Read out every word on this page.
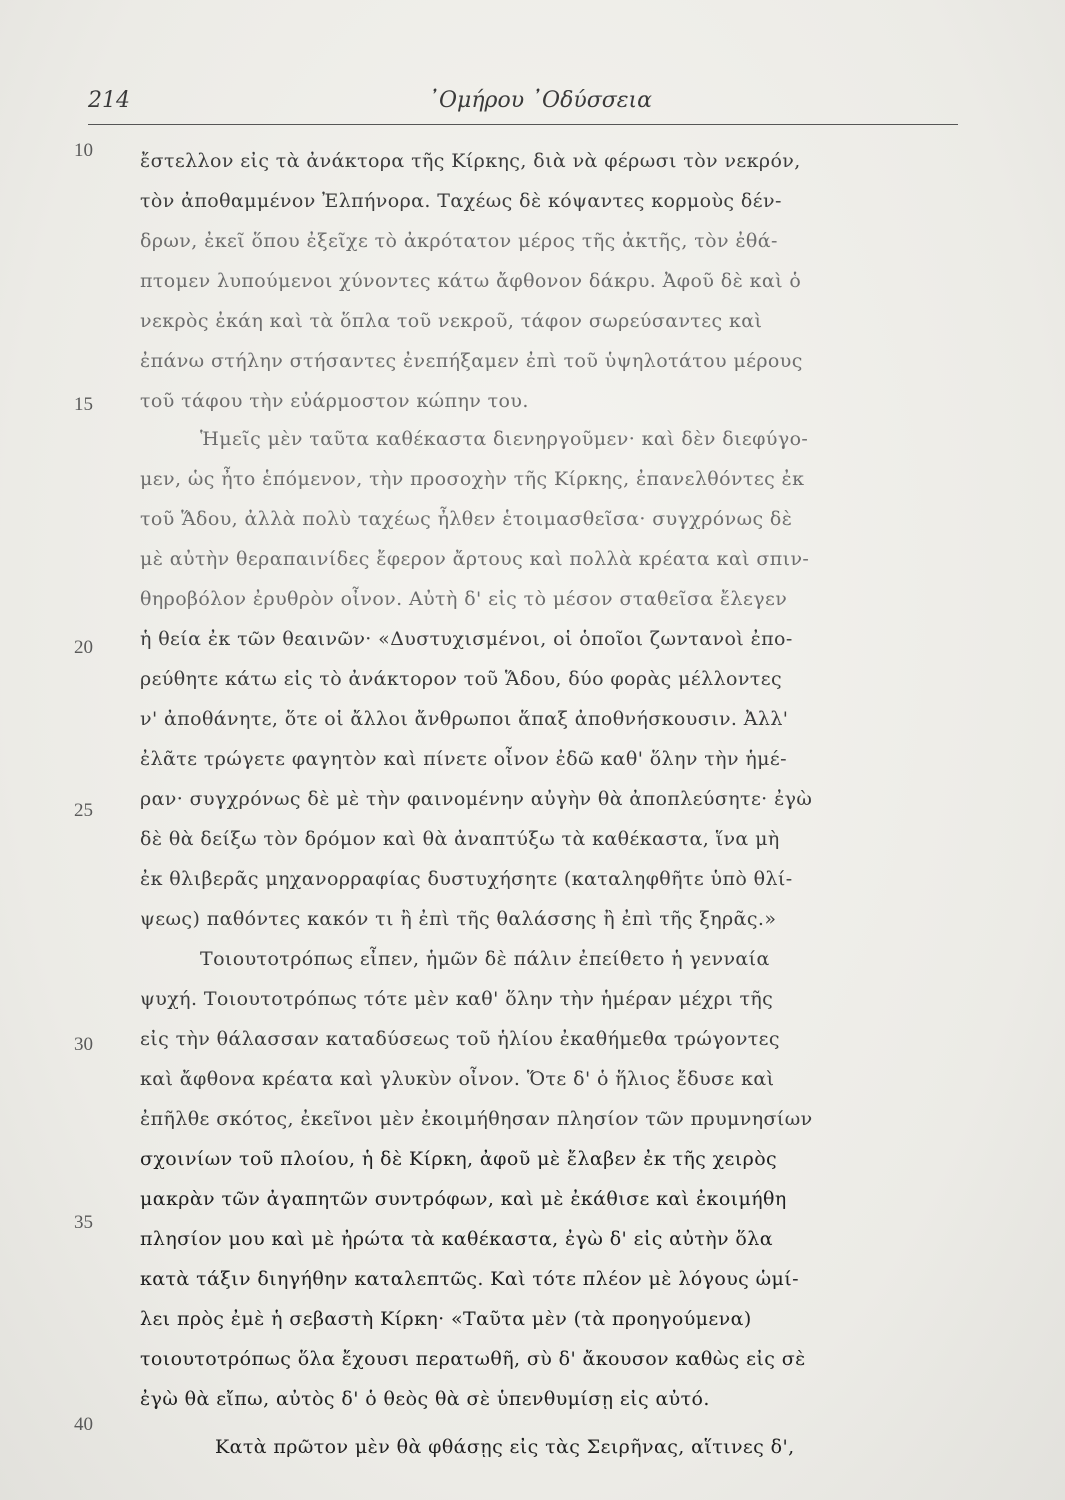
214	᾽Ομήρου ᾽Οδύσσεια
10
15
20
25
30
35
40
ἔστελλον εἰς τὰ ἀνάκτορα τῆς Κίρκης, διὰ νὰ φέρωσι τὸν νεκρόν,
τὸν ἀποθαμμένον Ἐλπήνορα. Ταχέως δὲ κόψαντες κορμοὺς δέν-
δρων, ἐκεῖ ὅπου ἐξεῖχε τὸ ἀκρότατον μέρος τῆς ἀκτῆς, τὸν ἐθά-
πτομεν λυπούμενοι χύνοντες κάτω ἄφθονον δάκρυ. Ἀφοῦ δὲ καὶ ὁ
νεκρὸς ἐκάη καὶ τὰ ὅπλα τοῦ νεκροῦ, τάφον σωρεύσαντες καὶ
ἐπάνω στήλην στήσαντες ἐνεπήξαμεν ἐπὶ τοῦ ὑψηλοτάτου μέρους
τοῦ τάφου τὴν εὐάρμοστον κώπην του.
Ἡμεῖς μὲν ταῦτα καθέκαστα διενηργοῦμεν· καὶ δὲν διεφύγο-
μεν, ὡς ἦτο ἑπόμενον, τὴν προσοχὴν τῆς Κίρκης, ἐπανελθόντες ἐκ
τοῦ Ἅδου, ἀλλὰ πολὺ ταχέως ἦλθεν ἑτοιμασθεῖσα· συγχρόνως δὲ
μὲ αὐτὴν θεραπαινίδες ἔφερον ἄρτους καὶ πολλὰ κρέατα καὶ σπιν-
θηροβόλον ἐρυθρὸν οἶνον. Αὐτὴ δ' εἰς τὸ μέσον σταθεῖσα ἔλεγεν
ἡ θεία ἐκ τῶν θεαινῶν· «Δυστυχισμένοι, οἱ ὁποῖοι ζωντανοὶ ἐπο-
ρεύθητε κάτω εἰς τὸ ἀνάκτορον τοῦ Ἅδου, δύο φορὰς μέλλοντες
ν' ἀποθάνητε, ὅτε οἱ ἄλλοι ἄνθρωποι ἅπαξ ἀποθνήσκουσιν. Ἀλλ'
ἐλᾶτε τρώγετε φαγητὸν καὶ πίνετε οἶνον ἐδῶ καθ' ὅλην τὴν ἡμέ-
ραν· συγχρόνως δὲ μὲ τὴν φαινομένην αὐγὴν θὰ ἀποπλεύσητε· ἐγὼ
δὲ θὰ δείξω τὸν δρόμον καὶ θὰ ἀναπτύξω τὰ καθέκαστα, ἵνα μὴ
ἐκ θλιβερᾶς μηχανορραφίας δυστυχήσητε (καταληφθῆτε ὑπὸ θλί-
ψεως) παθόντες κακόν τι ἢ ἐπὶ τῆς θαλάσσης ἢ ἐπὶ τῆς ξηρᾶς.»
Τοιουτοτρόπως εἶπεν, ἡμῶν δὲ πάλιν ἐπείθετο ἡ γενναία
ψυχή. Τοιουτοτρόπως τότε μὲν καθ' ὅλην τὴν ἡμέραν μέχρι τῆς
εἰς τὴν θάλασσαν καταδύσεως τοῦ ἡλίου ἐκαθήμεθα τρώγοντες
καὶ ἄφθονα κρέατα καὶ γλυκὺν οἶνον. Ὅτε δ' ὁ ἥλιος ἔδυσε καὶ
ἐπῆλθε σκότος, ἐκεῖνοι μὲν ἐκοιμήθησαν πλησίον τῶν πρυμνησίων
σχοινίων τοῦ πλοίου, ἡ δὲ Κίρκη, ἀφοῦ μὲ ἔλαβεν ἐκ τῆς χειρὸς
μακρὰν τῶν ἀγαπητῶν συντρόφων, καὶ μὲ ἐκάθισε καὶ ἐκοιμήθη
πλησίον μου καὶ μὲ ἠρώτα τὰ καθέκαστα, ἐγὼ δ' εἰς αὐτὴν ὅλα
κατὰ τάξιν διηγήθην καταλεπτῶς. Καὶ τότε πλέον μὲ λόγους ὡμί-
λει πρὸς ἐμὲ ἡ σεβαστὴ Κίρκη· «Ταῦτα μὲν (τὰ προηγούμενα)
τοιουτοτρόπως ὅλα ἔχουσι περατωθῆ, σὺ δ' ἄκουσον καθὼς εἰς σὲ
ἐγὼ θὰ εἴπω, αὐτὸς δ' ὁ θεὸς θὰ σὲ ὑπενθυμίσῃ εἰς αὐτό.
Κατὰ πρῶτον μὲν θὰ φθάσῃς εἰς τὰς Σειρῆνας, αἵτινες δ',
